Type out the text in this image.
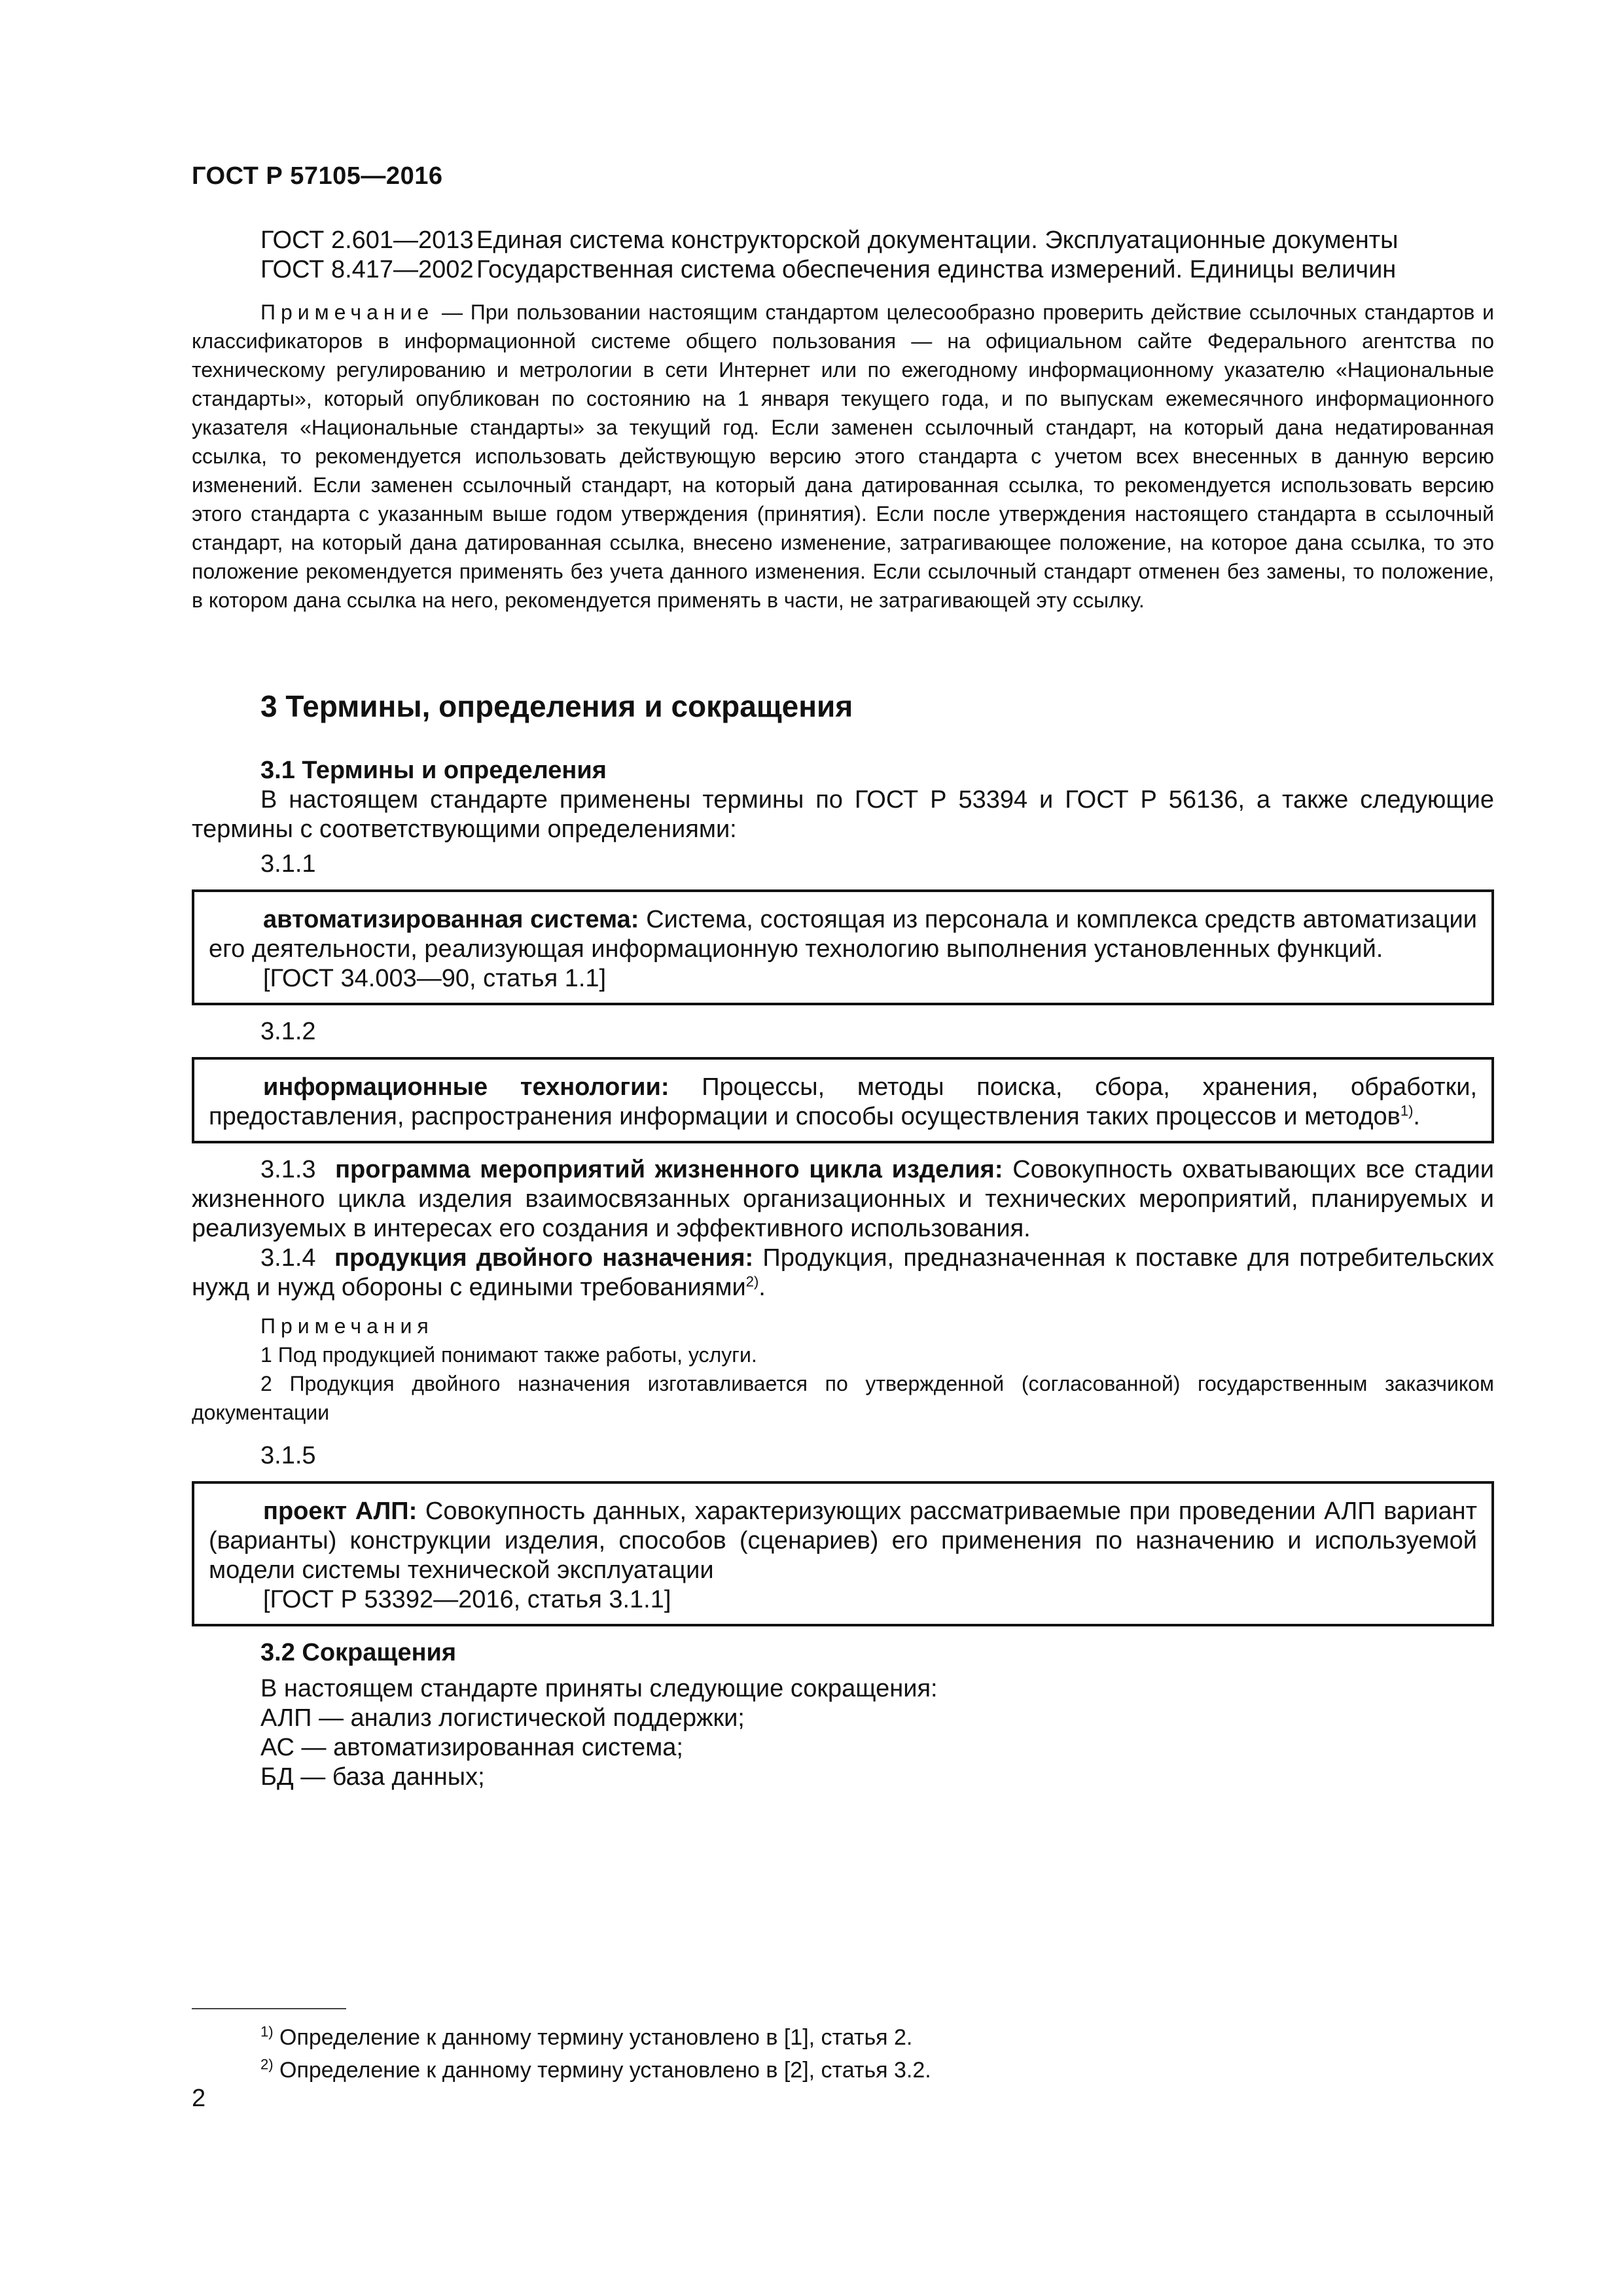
ГОСТ Р 57105—2016
ГОСТ 2.601—2013 Единая система конструкторской документации. Эксплуатационные документы
ГОСТ 8.417—2002 Государственная система обеспечения единства измерений. Единицы величин
Примечание — При пользовании настоящим стандартом целесообразно проверить действие ссылочных стандартов и классификаторов в информационной системе общего пользования — на официальном сайте Федерального агентства по техническому регулированию и метрологии в сети Интернет или по ежегодному информационному указателю «Национальные стандарты», который опубликован по состоянию на 1 января текущего года, и по выпускам ежемесячного информационного указателя «Национальные стандарты» за текущий год. Если заменен ссылочный стандарт, на который дана недатированная ссылка, то рекомендуется использовать действующую версию этого стандарта с учетом всех внесенных в данную версию изменений. Если заменен ссылочный стандарт, на который дана датированная ссылка, то рекомендуется использовать версию этого стандарта с указанным выше годом утверждения (принятия). Если после утверждения настоящего стандарта в ссылочный стандарт, на который дана датированная ссылка, внесено изменение, затрагивающее положение, на которое дана ссылка, то это положение рекомендуется применять без учета данного изменения. Если ссылочный стандарт отменен без замены, то положение, в котором дана ссылка на него, рекомендуется применять в части, не затрагивающей эту ссылку.
3 Термины, определения и сокращения
3.1 Термины и определения
В настоящем стандарте применены термины по ГОСТ Р 53394 и ГОСТ Р 56136, а также следующие термины с соответствующими определениями:
3.1.1
автоматизированная система: Система, состоящая из персонала и комплекса средств автоматизации его деятельности, реализующая информационную технологию выполнения установленных функций.
[ГОСТ 34.003—90, статья 1.1]
3.1.2
информационные технологии: Процессы, методы поиска, сбора, хранения, обработки, предоставления, распространения информации и способы осуществления таких процессов и методов$^{1)}$.
3.1.3 программа мероприятий жизненного цикла изделия: Совокупность охватывающих все стадии жизненного цикла изделия взаимосвязанных организационных и технических мероприятий, планируемых и реализуемых в интересах его создания и эффективного использования.
3.1.4 продукция двойного назначения: Продукция, предназначенная к поставке для потребительских нужд и нужд обороны с едиными требованиями$^{2)}$.
Примечания
1 Под продукцией понимают также работы, услуги.
2 Продукция двойного назначения изготавливается по утвержденной (согласованной) государственным заказчиком документации
3.1.5
проект АЛП: Совокупность данных, характеризующих рассматриваемые при проведении АЛП вариант (варианты) конструкции изделия, способов (сценариев) его применения по назначению и используемой модели системы технической эксплуатации
[ГОСТ Р 53392—2016, статья 3.1.1]
3.2 Сокращения
В настоящем стандарте приняты следующие сокращения:
АЛП — анализ логистической поддержки;
АС — автоматизированная система;
БД — база данных;
$^{1)}$ Определение к данному термину установлено в [1], статья 2.
$^{2)}$ Определение к данному термину установлено в [2], статья 3.2.
2
